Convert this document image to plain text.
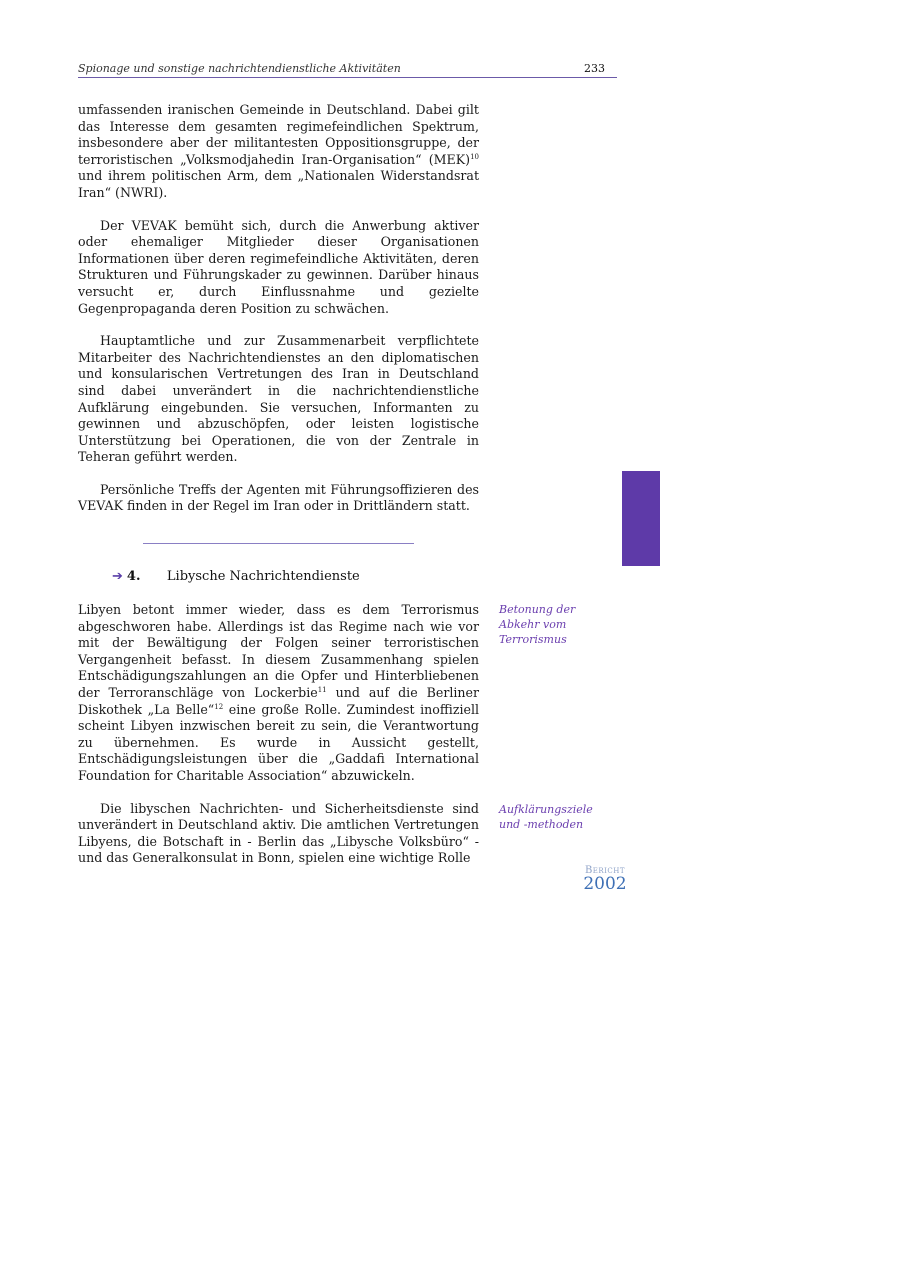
Spionage und sonstige nachrichtendienstliche Aktivitäten	233

umfassenden iranischen Gemeinde in Deutschland. Dabei gilt das Interesse dem gesamten regimefeindlichen Spektrum, insbesondere aber der militantesten Oppositionsgruppe, der terroristischen „Volksmodjahedin Iran-Organisation“ (MEK)$^{10}$ und ihrem politischen Arm, dem „Nationalen Widerstandsrat Iran“ (NWRI).

Der VEVAK bemüht sich, durch die Anwerbung aktiver oder ehemaliger Mitglieder dieser Organisationen Informationen über deren regimefeindliche Aktivitäten, deren Strukturen und Führungskader zu gewinnen. Darüber hinaus versucht er, durch Einflussnahme und gezielte Gegenpropaganda deren Position zu schwächen.

Hauptamtliche und zur Zusammenarbeit verpflichtete Mitarbeiter des Nachrichtendienstes an den diplomatischen und konsularischen Vertretungen des Iran in Deutschland sind dabei unverändert in die nachrichtendienstliche Aufklärung eingebunden. Sie versuchen, Informanten zu gewinnen und abzuschöpfen, oder leisten logistische Unterstützung bei Operationen, die von der Zentrale in Teheran geführt werden.

Persönliche Treffs der Agenten mit Führungsoffizieren des VEVAK finden in der Regel im Iran oder in Drittländern statt.

➔ 4. Libysche Nachrichtendienste

Libyen betont immer wieder, dass es dem Terrorismus abgeschworen habe. Allerdings ist das Regime nach wie vor mit der Bewältigung der Folgen seiner terroristischen Vergangenheit befasst. In diesem Zusammenhang spielen Entschädigungszahlungen an die Opfer und Hinterbliebenen der Terroranschläge von Lockerbie$^{11}$ und auf die Berliner Diskothek „La Belle“$^{12}$ eine große Rolle. Zumindest inoffiziell scheint Libyen inzwischen bereit zu sein, die Verantwortung zu übernehmen. Es wurde in Aussicht gestellt, Entschädigungsleistungen über die „Gaddafi International Foundation for Charitable Association“ abzuwickeln.

Die libyschen Nachrichten- und Sicherheitsdienste sind unverändert in Deutschland aktiv. Die amtlichen Vertretungen Libyens, die Botschaft in - Berlin das „Libysche Volksbüro“ - und das Generalkonsulat in Bonn, spielen eine wichtige Rolle

Betonung der Abkehr vom Terrorismus
Aufklärungsziele und -methoden
Bericht
2002
